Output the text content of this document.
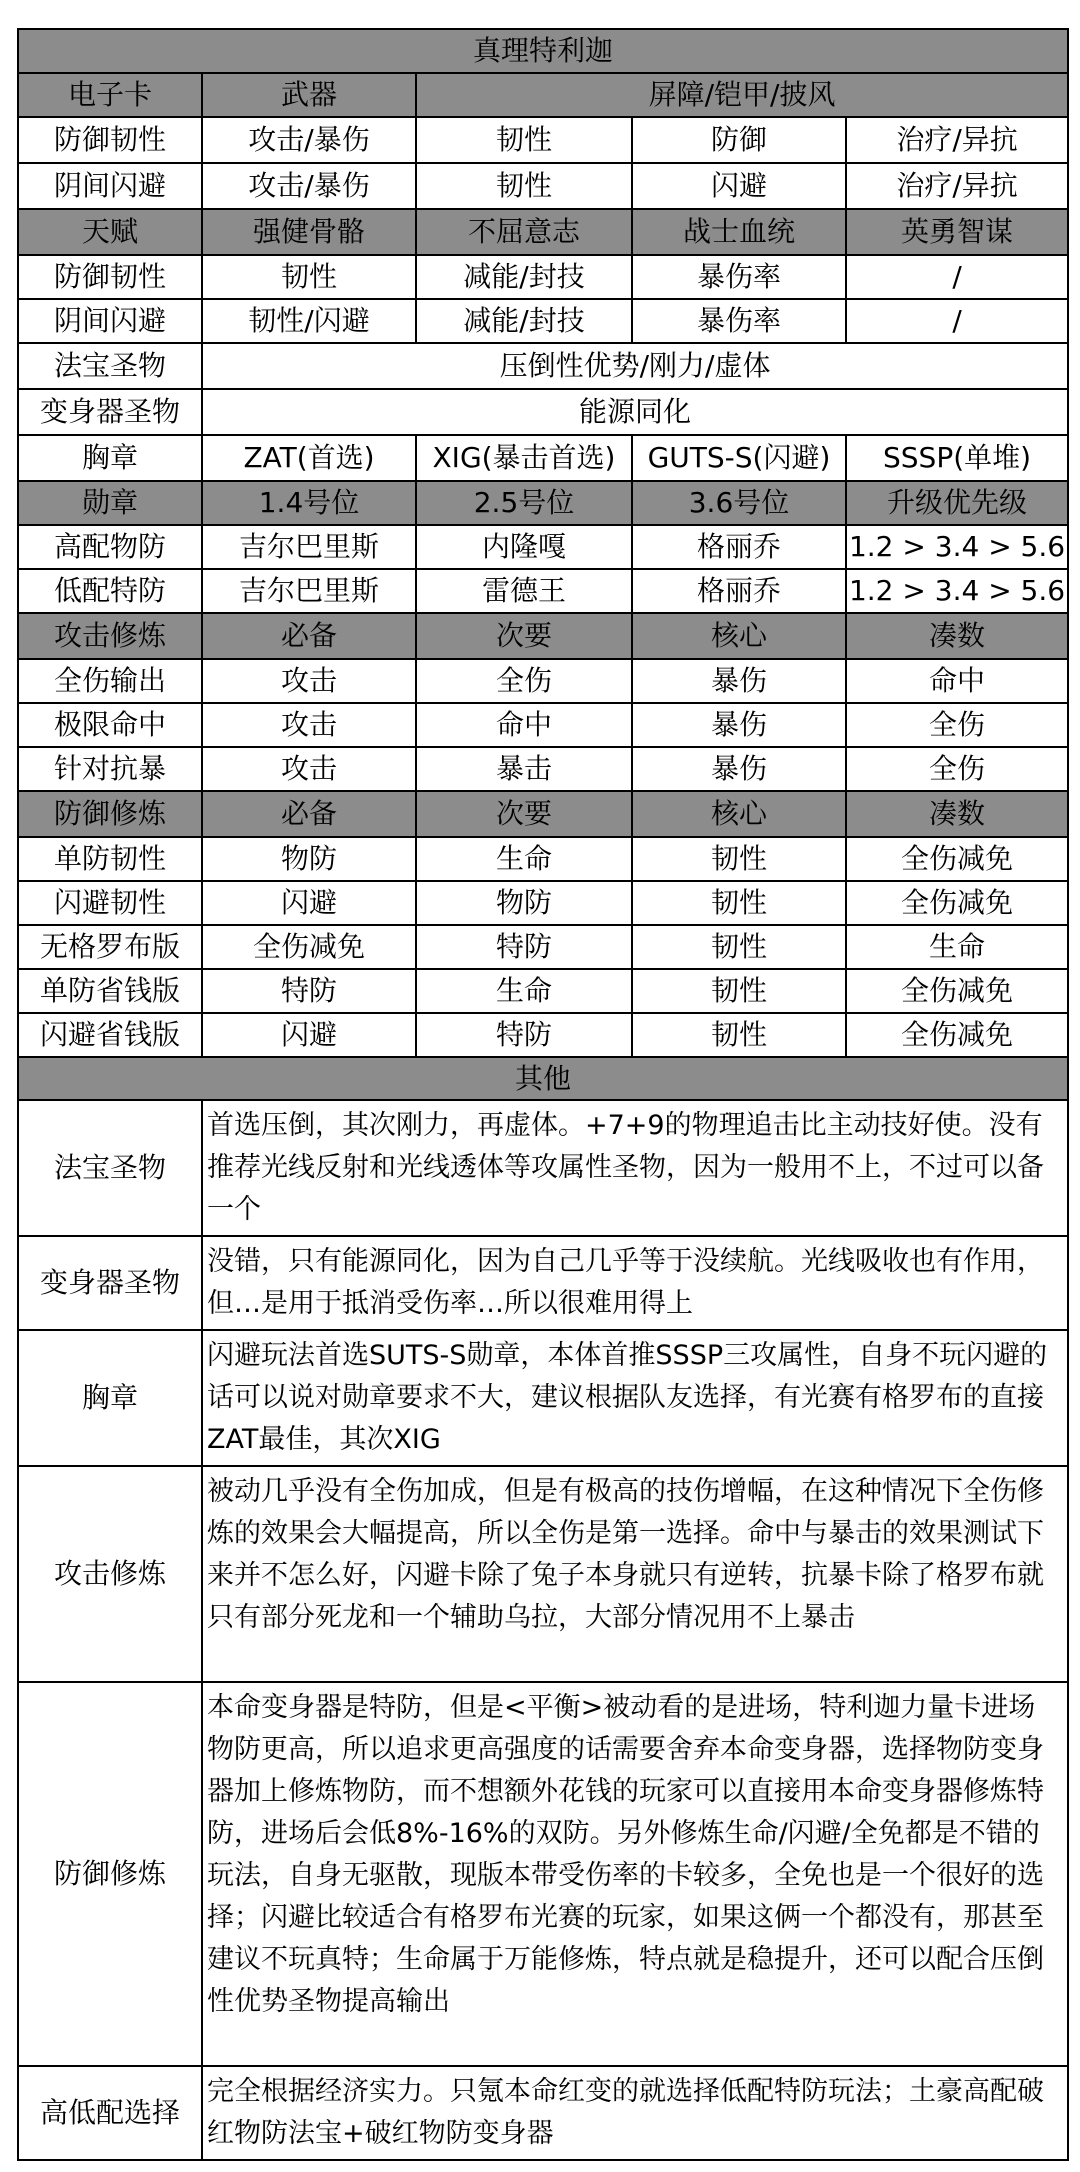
真理特利迦				
电子卡	武器	屏障/铠甲/披风		
防御韧性	攻击/暴伤	韧性	防御	治疗/异抗
阴间闪避	攻击/暴伤	韧性	闪避	治疗/异抗
天赋	强健骨骼	不屈意志	战士血统	英勇智谋
防御韧性	韧性	减能/封技	暴伤率	/
阴间闪避	韧性/闪避	减能/封技	暴伤率	/
法宝圣物	压倒性优势/刚力/虚体			
变身器圣物	能源同化			
胸章	ZAT(首选)	XIG(暴击首选)	GUTS-S(闪避)	SSSP(单堆)
勋章	1.4号位	2.5号位	3.6号位	升级优先级
高配物防	吉尔巴里斯	内隆嘎	格丽乔	1.2 > 3.4 > 5.6
低配特防	吉尔巴里斯	雷德王	格丽乔	1.2 > 3.4 > 5.6
攻击修炼	必备	次要	核心	凑数
全伤输出	攻击	全伤	暴伤	命中
极限命中	攻击	命中	暴伤	全伤
针对抗暴	攻击	暴击	暴伤	全伤
防御修炼	必备	次要	核心	凑数
单防韧性	物防	生命	韧性	全伤减免
闪避韧性	闪避	物防	韧性	全伤减免
无格罗布版	全伤减免	特防	韧性	生命
单防省钱版	特防	生命	韧性	全伤减免
闪避省钱版	闪避	特防	韧性	全伤减免
其他				
法宝圣物	首选压倒，其次刚力，再虚体。+7+9的物理追击比主动技好使。没有推荐光线反射和光线透体等攻属性圣物，因为一般用不上，不过可以备一个			
变身器圣物	没错，只有能源同化，因为自己几乎等于没续航。光线吸收也有作用，但…是用于抵消受伤率…所以很难用得上			
胸章	闪避玩法首选SUTS-S勋章，本体首推SSSP三攻属性，自身不玩闪避的话可以说对勋章要求不大，建议根据队友选择，有光赛有格罗布的直接ZAT最佳，其次XIG			
攻击修炼	被动几乎没有全伤加成，但是有极高的技伤增幅，在这种情况下全伤修炼的效果会大幅提高，所以全伤是第一选择。命中与暴击的效果测试下来并不怎么好，闪避卡除了兔子本身就只有逆转，抗暴卡除了格罗布就只有部分死龙和一个辅助乌拉，大部分情况用不上暴击			
防御修炼	本命变身器是特防，但是<平衡>被动看的是进场，特利迦力量卡进场物防更高，所以追求更高强度的话需要舍弃本命变身器，选择物防变身器加上修炼物防，而不想额外花钱的玩家可以直接用本命变身器修炼特防，进场后会低8%-16%的双防。另外修炼生命/闪避/全免都是不错的玩法，自身无驱散，现版本带受伤率的卡较多，全免也是一个很好的选择；闪避比较适合有格罗布光赛的玩家，如果这俩一个都没有，那甚至建议不玩真特；生命属于万能修炼，特点就是稳提升，还可以配合压倒性优势圣物提高输出			
高低配选择	完全根据经济实力。只氪本命红变的就选择低配特防玩法；土豪高配破红物防法宝+破红物防变身器			
